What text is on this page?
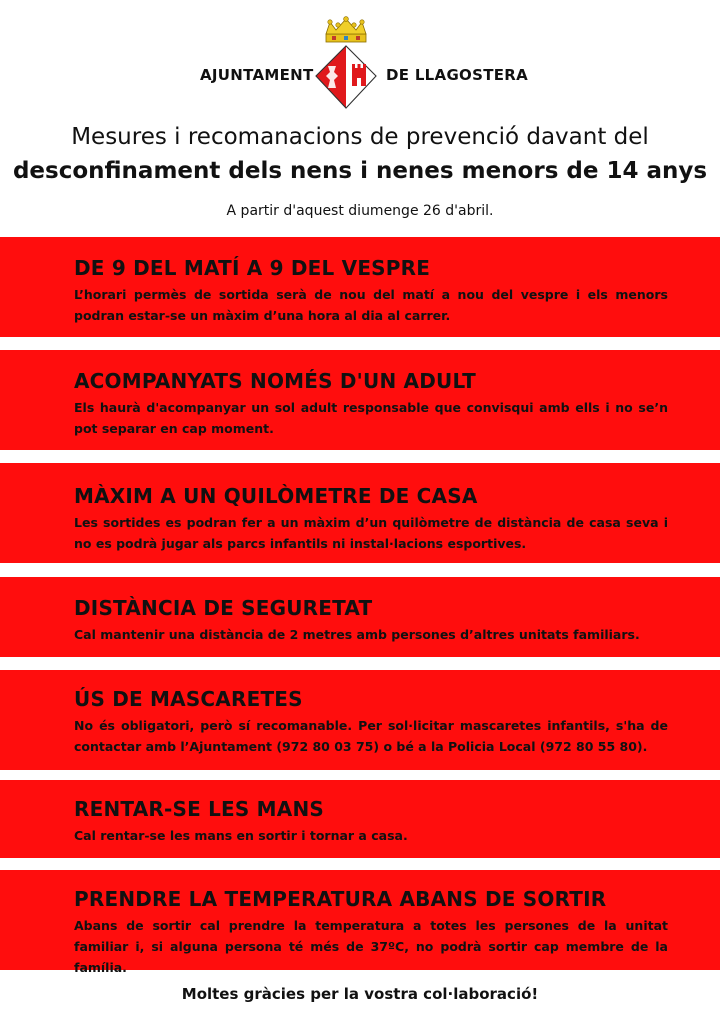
AJUNTAMENT	DE LLAGOSTERA
Mesures i recomanacions de prevenció davant del
desconfinament dels nens i nenes menors de 14 anys
A partir d'aquest diumenge 26 d'abril.
DE 9 DEL MATÍ A 9 DEL VESPRE

L’horari permès de sortida serà de nou del matí a nou del vespre i els menors podran estar-se un màxim d’una hora al dia al carrer.

ACOMPANYATS NOMÉS D'UN ADULT

Els haurà d'acompanyar un sol adult responsable que convisqui amb ells i no se’n pot separar en cap moment.

MÀXIM A UN QUILÒMETRE DE CASA

Les sortides es podran fer a un màxim d’un quilòmetre de distància de casa seva i no es podrà jugar als parcs infantils ni instal·lacions esportives.

DISTÀNCIA DE SEGURETAT

Cal mantenir una distància de 2 metres amb persones d’altres unitats familiars.

ÚS DE MASCARETES

No és obligatori, però sí recomanable. Per sol·licitar mascaretes infantils, s'ha de contactar amb l’Ajuntament (972 80 03 75) o bé a la Policia Local (972 80 55 80).

RENTAR-SE LES MANS

Cal rentar-se les mans en sortir i tornar a casa.

PRENDRE LA TEMPERATURA ABANS DE SORTIR

Abans de sortir cal prendre la temperatura a totes les persones de la unitat familiar i, si alguna persona té més de 37ºC, no podrà sortir cap membre de la família.

Moltes gràcies per la vostra col·laboració!
